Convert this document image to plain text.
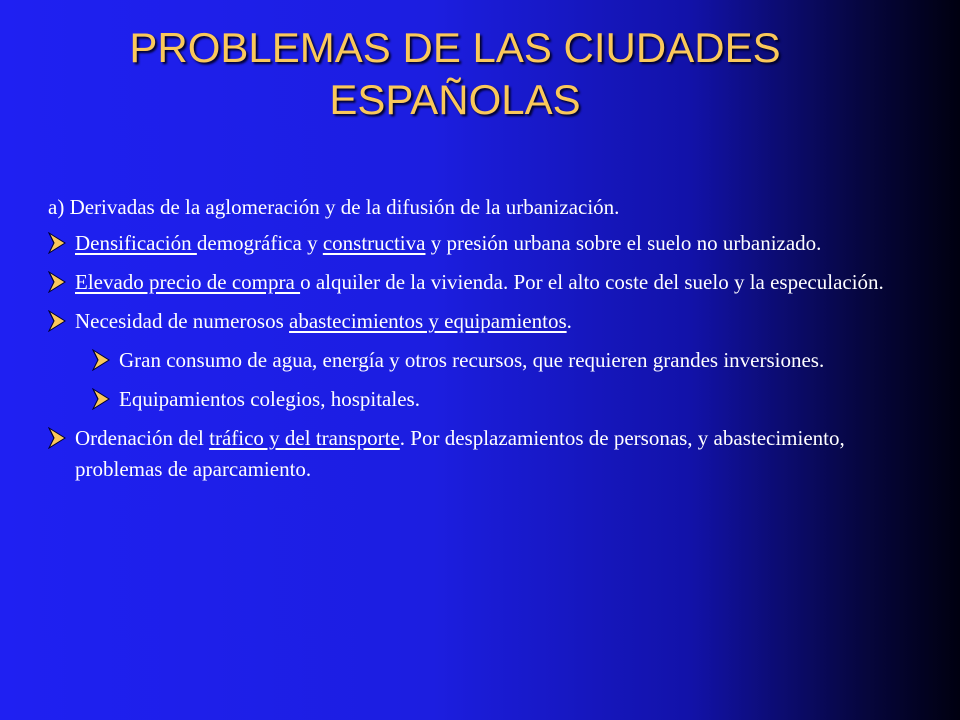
PROBLEMAS DE LAS CIUDADES
ESPAÑOLAS

a) Derivadas de la aglomeración y de la difusión de la urbanización.

Densificación demográfica y constructiva y presión urbana sobre el suelo no urbanizado.
Elevado precio de compra o alquiler de la vivienda. Por el alto coste del suelo y la especulación.
Necesidad de numerosos abastecimientos y equipamientos.
Gran consumo de agua, energía y otros recursos, que requieren grandes inversiones.
Equipamientos colegios, hospitales.
Ordenación del tráfico y del transporte. Por desplazamientos de personas, y abastecimiento, problemas de aparcamiento.
